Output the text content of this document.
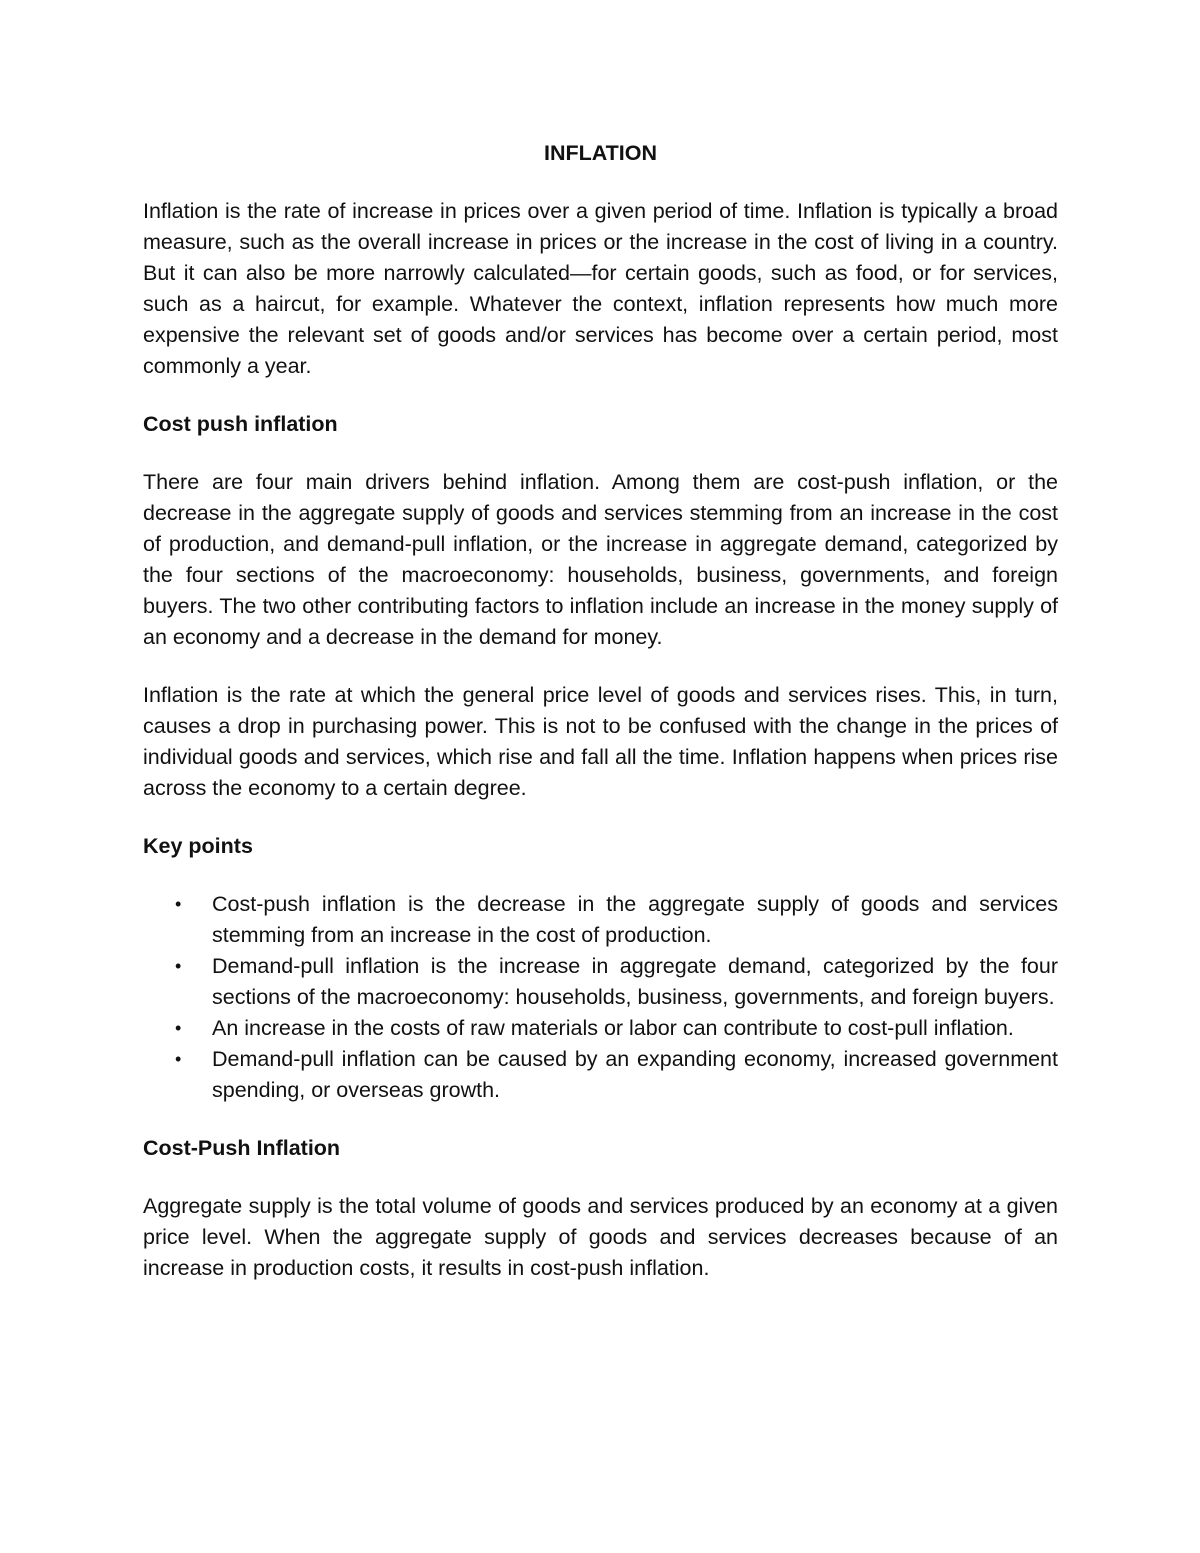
INFLATION

Inflation is the rate of increase in prices over a given period of time. Inflation is typically a broad measure, such as the overall increase in prices or the increase in the cost of living in a country. But it can also be more narrowly calculated—for certain goods, such as food, or for services, such as a haircut, for example. Whatever the context, inflation represents how much more expensive the relevant set of goods and/or services has become over a certain period, most commonly a year.

Cost push inflation

There are four main drivers behind inflation. Among them are cost-push inflation, or the decrease in the aggregate supply of goods and services stemming from an increase in the cost of production, and demand-pull inflation, or the increase in aggregate demand, categorized by the four sections of the macroeconomy: households, business, governments, and foreign buyers. The two other contributing factors to inflation include an increase in the money supply of an economy and a decrease in the demand for money.

Inflation is the rate at which the general price level of goods and services rises. This, in turn, causes a drop in purchasing power. This is not to be confused with the change in the prices of individual goods and services, which rise and fall all the time. Inflation happens when prices rise across the economy to a certain degree.

Key points
• Cost-push inflation is the decrease in the aggregate supply of goods and services stemming from an increase in the cost of production.
• Demand-pull inflation is the increase in aggregate demand, categorized by the four sections of the macroeconomy: households, business, governments, and foreign buyers.
• An increase in the costs of raw materials or labor can contribute to cost-pull inflation.
• Demand-pull inflation can be caused by an expanding economy, increased government spending, or overseas growth.
Cost-Push Inflation

Aggregate supply is the total volume of goods and services produced by an economy at a given price level. When the aggregate supply of goods and services decreases because of an increase in production costs, it results in cost-push inflation.
